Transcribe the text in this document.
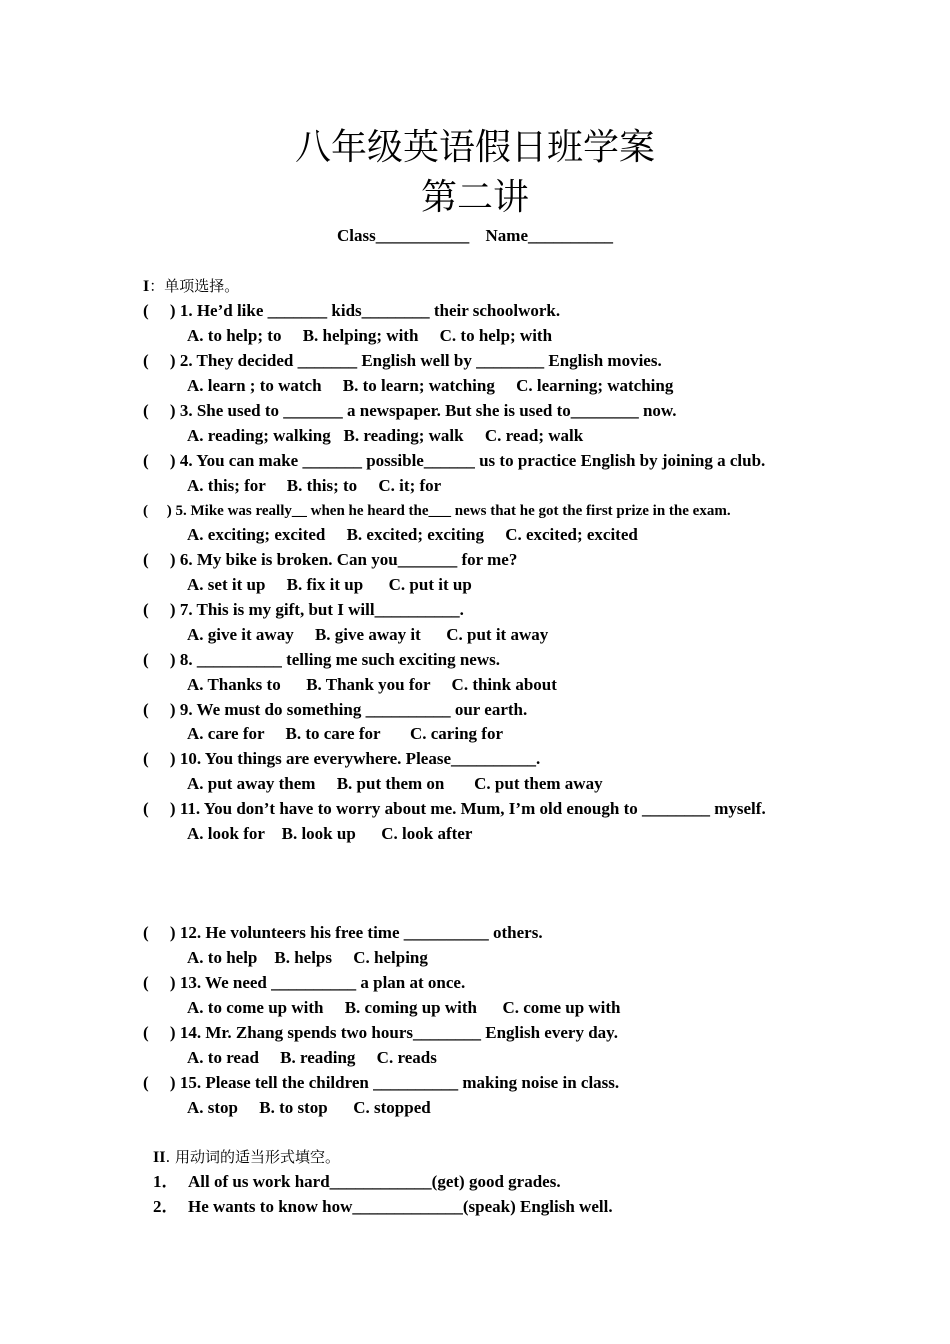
八年级英语假日班学案
第二讲
Class___________ Name__________
I：单项选择。
(     ) 1. He’d like _______ kids________ their schoolwork.
A. to help; to     B. helping; with     C. to help; with
(     ) 2. They decided _______ English well by ________ English movies.
A. learn ; to watch     B. to learn; watching     C. learning; watching
(     ) 3. She used to _______ a newspaper. But she is used to________ now.
A. reading; walking   B. reading; walk     C. read; walk
(     ) 4. You can make _______ possible______ us to practice English by joining a club.
A. this; for     B. this; to     C. it; for
(     ) 5. Mike was really__ when he heard the___ news that he got the first prize in the exam.
A. exciting; excited     B. excited; exciting     C. excited; excited
(     ) 6. My bike is broken. Can you_______ for me?
A. set it up     B. fix it up      C. put it up
(     ) 7. This is my gift, but I will__________.
A. give it away     B. give away it      C. put it away
(     ) 8. __________ telling me such exciting news.
A. Thanks to      B. Thank you for     C. think about
(     ) 9. We must do something __________ our earth.
A. care for     B. to care for       C. caring for
(     ) 10. You things are everywhere. Please__________.
A. put away them     B. put them on       C. put them away
(     ) 11. You don’t have to worry about me. Mum, I’m old enough to ________ myself.
A. look for    B. look up      C. look after
(     ) 12. He volunteers his free time __________ others.
A. to help    B. helps     C. helping
(     ) 13. We need __________ a plan at once.
A. to come up with     B. coming up with      C. come up with
(     ) 14. Mr. Zhang spends two hours________ English every day.
A. to read     B. reading     C. reads
(     ) 15. Please tell the children __________ making noise in class.
A. stop     B. to stop      C. stopped
II. 用动词的适当形式填空。
1． All of us work hard____________(get) good grades.
2． He wants to know how_____________(speak) English well.
